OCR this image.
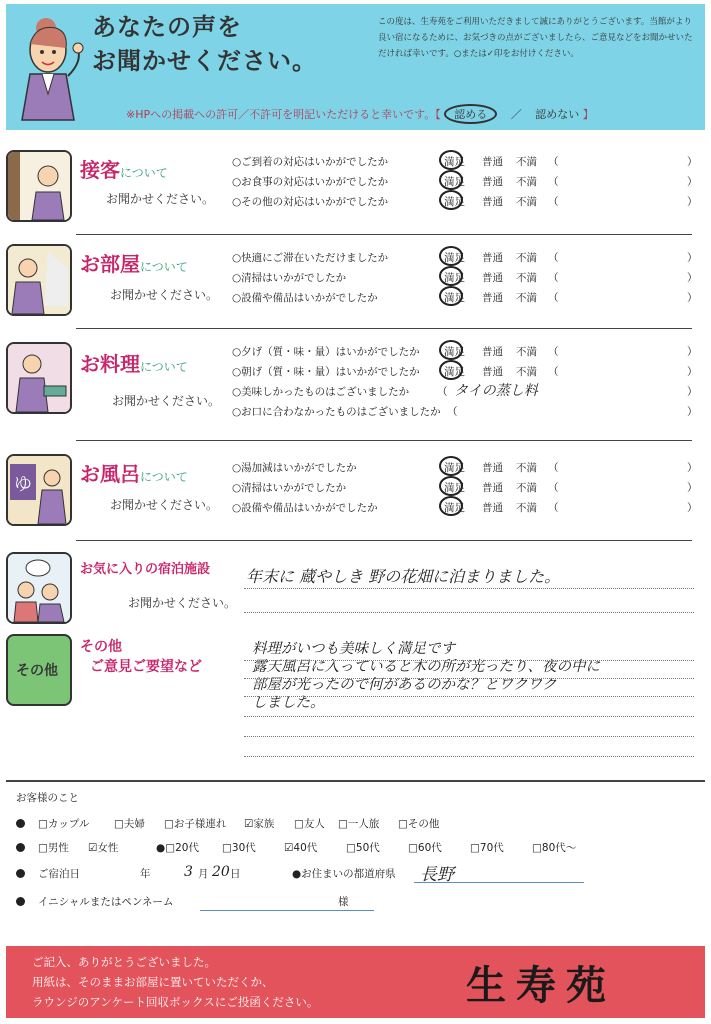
あなたの声を
お聞かせください。
この度は、生寿苑をご利用いただきまして誠にありがとうございます。当館がより良い宿になるために、お気づきの点がございましたら、ご意見などをお聞かせいただければ幸いです。○または✓印をお付けください。
※HPへの掲載への許可／不許可を明記いただけると幸いです。【 認める ／ 認めない 】
接客について
お聞かせください。
○ご到着の対応はいかがでしたか	満足 普通 不満 （	）
○お食事の対応はいかがでしたか	満足 普通 不満 （	）
○その他の対応はいかがでしたか	満足 普通 不満 （	）
お部屋について
お聞かせください。
○快適にご滞在いただけましたか	満足 普通 不満 （	）
○清掃はいかがでしたか	満足 普通 不満 （	）
○設備や備品はいかがでしたか	満足 普通 不満 （	）
お料理について
お聞かせください。
○夕げ（質・味・量）はいかがでしたか 満足 普通 不満 （	）
○朝げ（質・味・量）はいかがでしたか 満足 普通 不満 （	）
○美味しかったものはございましたか	（ タイの蒸し料	）
○お口に合わなかったものはございましたか （	）
ゆ お風呂について
お聞かせください。
○湯加減はいかがでしたか	満足 普通 不満 （	）
○清掃はいかがでしたか	満足 普通 不満 （	）
○設備や備品はいかがでしたか	満足 普通 不満 （	）
お気に入りの宿泊施設
お聞かせください。
年末に 蔵やしき 野の花畑に泊まりました。
その他
その他
ご意見ご要望など
料理がいつも美味しく満足です
露天風呂に入っていると木の所が光ったり、夜の中に
部屋が光ったので何があるのかな？とワクワク
しました。
お客様のこと
□カップル □夫婦 □お子様連れ ☑家族 □友人 □一人旅 □その他
□男性 ☑女性	●□20代 □30代	☑40代	□50代	□60代	□70代	□80代〜
ご宿泊日	年 3 月 20 日	●お住まいの都道府県 長野
イニシャルまたはペンネーム	様
ご記入、ありがとうございました。
用紙は、そのままお部屋に置いていただくか、
ラウンジのアンケート回収ボックスにご投函ください。	生寿苑
